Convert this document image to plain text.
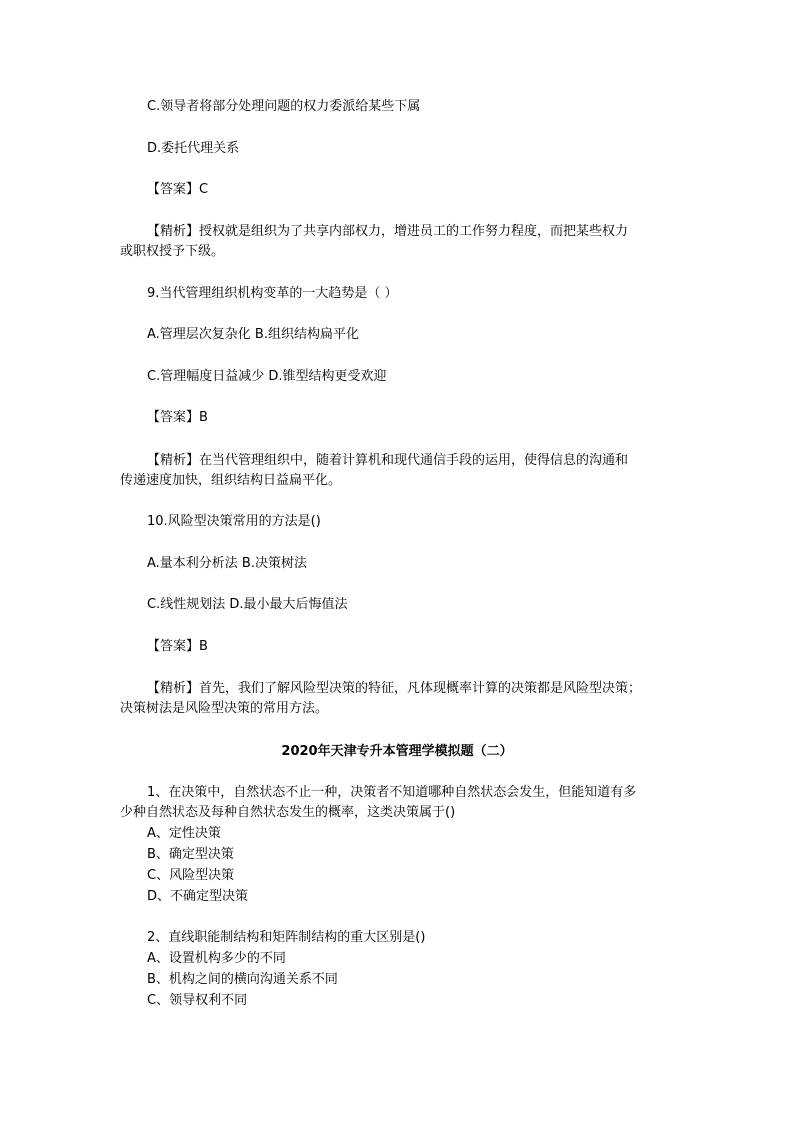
C.领导者将部分处理问题的权力委派给某些下属
D.委托代理关系
【答案】C
【精析】授权就是组织为了共享内部权力，增进员工的工作努力程度，而把某些权力
或职权授予下级。
9.当代管理组织机构变革的一大趋势是（ ）
A.管理层次复杂化 B.组织结构扁平化
C.管理幅度日益减少 D.锥型结构更受欢迎
【答案】B
【精析】在当代管理组织中，随着计算机和现代通信手段的运用，使得信息的沟通和
传递速度加快，组织结构日益扁平化。
10.风险型决策常用的方法是()
A.量本利分析法 B.决策树法
C.线性规划法 D.最小最大后悔值法
【答案】B
【精析】首先，我们了解风险型决策的特征，凡体现概率计算的决策都是风险型决策；
决策树法是风险型决策的常用方法。
2020年天津专升本管理学模拟题（二）
1、在决策中，自然状态不止一种，决策者不知道哪种自然状态会发生，但能知道有多
少种自然状态及每种自然状态发生的概率，这类决策属于()
A、定性决策
B、确定型决策
C、风险型决策
D、不确定型决策
2、直线职能制结构和矩阵制结构的重大区别是()
A、设置机构多少的不同
B、机构之间的横向沟通关系不同
C、领导权利不同
